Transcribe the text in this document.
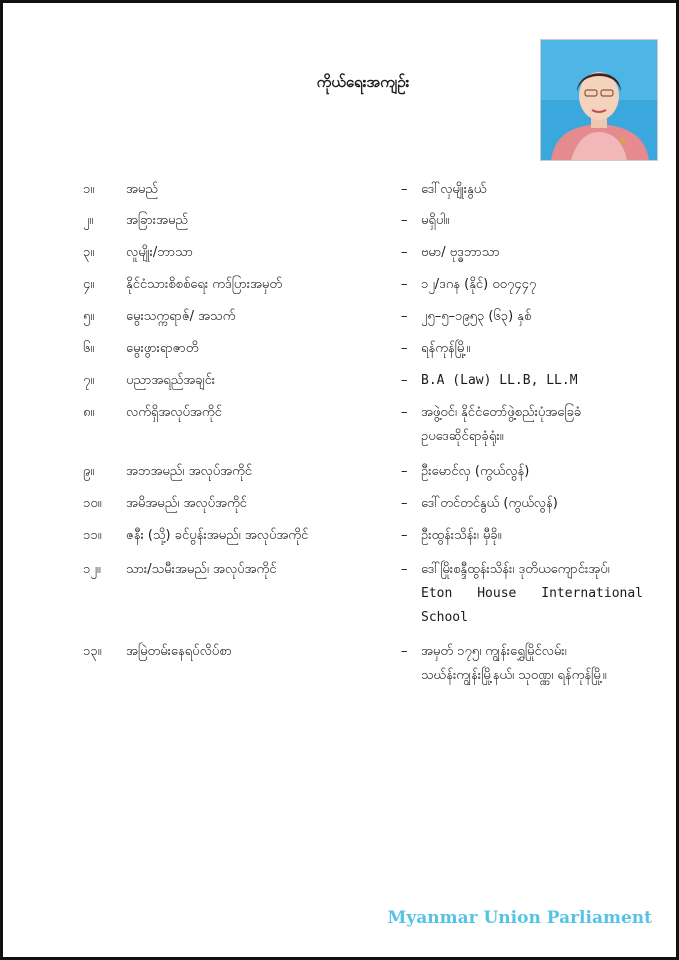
ကိုယ်ရေးအကျဉ်း
၁။	အမည်	–	ဒေါ်လှမျိုးနွယ်
၂။	အခြားအမည်	–	မရှိပါ။
၃။	လူမျိုး/ဘာသာ	–	ဗမာ/ ဗုဒ္ဓဘာသာ
၄။	နိုင်ငံသားစိစစ်ရေး ကဒ်ပြားအမှတ်	–	၁၂/ဒဂန (နိုင်) ၀၀၇၄၄၇
၅။	မွေးသက္ကရာဇ်/ အသက်	–	၂၅–၅–၁၉၅၃ (၆၃) နှစ်
၆။	မွေးဖွားရာဇာတိ	–	ရန်ကုန်မြို့။
၇။	ပညာအရည်အချင်း	–	B.A (Law) LL.B, LL.M
၈။	လက်ရှိအလုပ်အကိုင်	–	အဖွဲ့ဝင်၊ နိုင်ငံတော်ဖွဲ့စည်းပုံအခြေခံ
ဥပဒေဆိုင်ရာခုံရုံး။
၉။	အဘအမည်၊ အလုပ်အကိုင်	–	ဦးမောင်လှ (ကွယ်လွန်)
၁၀။	အမိအမည်၊ အလုပ်အကိုင်	–	ဒေါ်တင်တင်နွယ် (ကွယ်လွန်)
၁၁။	ဇနီး (သို့) ခင်ပွန်းအမည်၊ အလုပ်အကိုင်	–	ဦးထွန်းသိန်း၊ မှီခို။
၁၂။	သား/သမီးအမည်၊ အလုပ်အကိုင်	–	ဒေါ်မြိုးစန္ဒီထွန်းသိန်း၊ ဒုတိယကျောင်းအုပ်၊
Eton House International
School
၁၃။	အမြဲတမ်းနေရပ်လိပ်စာ	–	အမှတ် ၁၇၅၊ ကျွန်းရွှေမြိုင်လမ်း၊
သဃ်န်းကျွန်းမြို့နယ်၊ သုဝဏ္ဏ၊ ရန်ကုန်မြို့။
Myanmar Union Parliament
